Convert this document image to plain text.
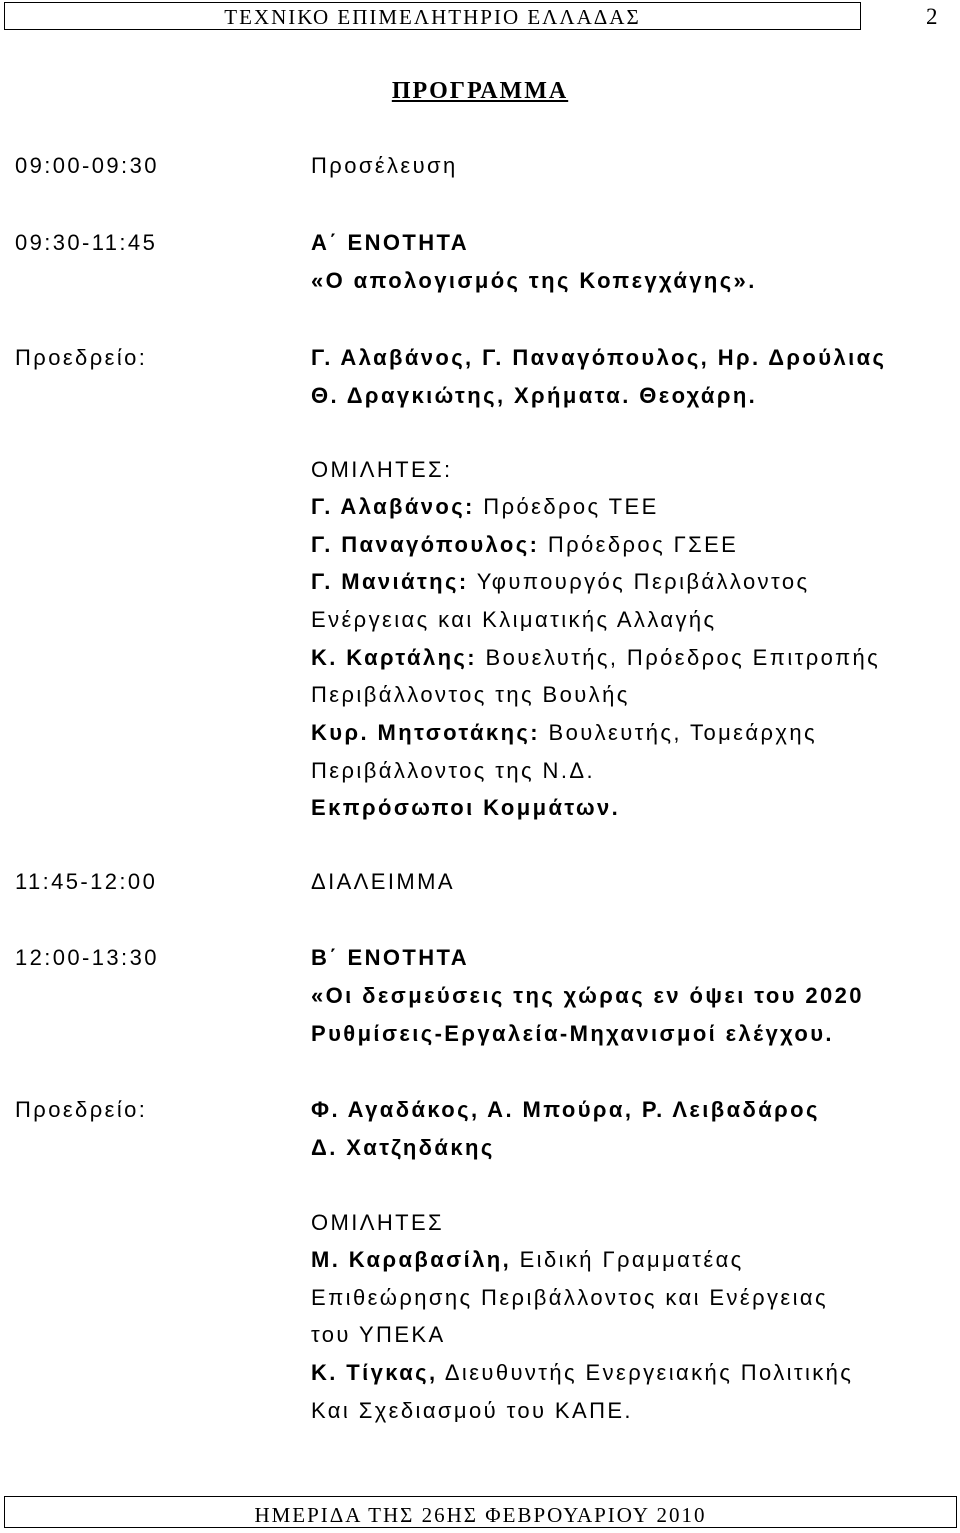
ΤΕΧΝΙΚΟ ΕΠΙΜΕΛΗΤΗΡΙΟ ΕΛΛΑΔΑΣ	2
ΠΡΟΓΡΑΜΜΑ
09:00-09:30	Προσέλευση
09:30-11:45	Α΄ ΕΝΟΤΗΤΑ
«Ο απολογισμός της Κοπεγχάγης».
Προεδρείο:	Γ. Αλαβάνος, Γ. Παναγόπουλος, Ηρ. Δρούλιας
Θ. Δραγκιώτης, Χρήματα. Θεοχάρη.
ΟΜΙΛΗΤΕΣ:
Γ. Αλαβάνος: Πρόεδρος ΤΕΕ
Γ. Παναγόπουλος: Πρόεδρος ΓΣΕΕ
Γ. Μανιάτης: Υφυπουργός Περιβάλλοντος
Ενέργειας και Κλιματικής Αλλαγής
Κ. Καρτάλης: Βουελυτής, Πρόεδρος Επιτροπής
Περιβάλλοντος της Βουλής
Κυρ. Μητσοτάκης: Βουλευτής, Τομεάρχης
Περιβάλλοντος της Ν.Δ.
Εκπρόσωποι Κομμάτων.
11:45-12:00	ΔΙΑΛΕΙΜΜΑ
12:00-13:30	Β΄ ΕΝΟΤΗΤΑ
«Οι δεσμεύσεις της χώρας εν όψει του 2020
Ρυθμίσεις-Εργαλεία-Μηχανισμοί ελέγχου.
Προεδρείο:	Φ. Αγαδάκος, Α. Μπούρα, Ρ. Λειβαδάρος
Δ. Χατζηδάκης
ΟΜΙΛΗΤΕΣ
Μ. Καραβασίλη, Ειδική Γραμματέας
Επιθεώρησης Περιβάλλοντος και Ενέργειας
του ΥΠΕΚΑ
Κ. Τίγκας, Διευθυντής Ενεργειακής Πολιτικής
Και Σχεδιασμού του ΚΑΠΕ.
ΗΜΕΡΙΔΑ ΤΗΣ 26ΗΣ ΦΕΒΡΟΥΑΡΙΟΥ 2010
